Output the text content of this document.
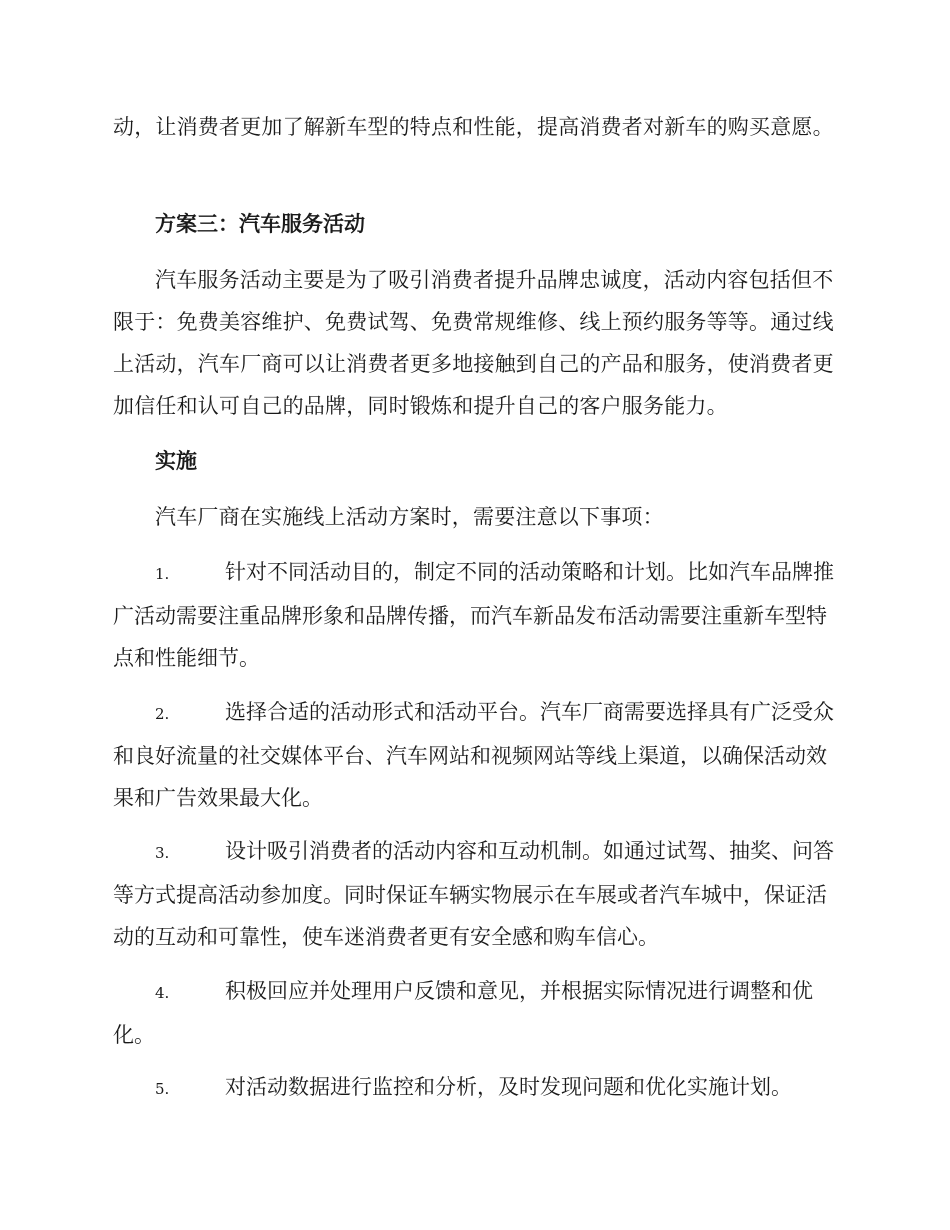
动，让消费者更加了解新车型的特点和性能，提高消费者对新车的购买意愿。

方案三：汽车服务活动

汽车服务活动主要是为了吸引消费者提升品牌忠诚度，活动内容包括但不限于：免费美容维护、免费试驾、免费常规维修、线上预约服务等等。通过线上活动，汽车厂商可以让消费者更多地接触到自己的产品和服务，使消费者更加信任和认可自己的品牌，同时锻炼和提升自己的客户服务能力。

实施

汽车厂商在实施线上活动方案时，需要注意以下事项：

1.	针对不同活动目的，制定不同的活动策略和计划。比如汽车品牌推广活动需要注重品牌形象和品牌传播，而汽车新品发布活动需要注重新车型特点和性能细节。

2.	选择合适的活动形式和活动平台。汽车厂商需要选择具有广泛受众和良好流量的社交媒体平台、汽车网站和视频网站等线上渠道，以确保活动效果和广告效果最大化。

3.	设计吸引消费者的活动内容和互动机制。如通过试驾、抽奖、问答等方式提高活动参加度。同时保证车辆实物展示在车展或者汽车城中，保证活动的互动和可靠性，使车迷消费者更有安全感和购车信心。

4.	积极回应并处理用户反馈和意见，并根据实际情况进行调整和优化。

5.	对活动数据进行监控和分析，及时发现问题和优化实施计划。
